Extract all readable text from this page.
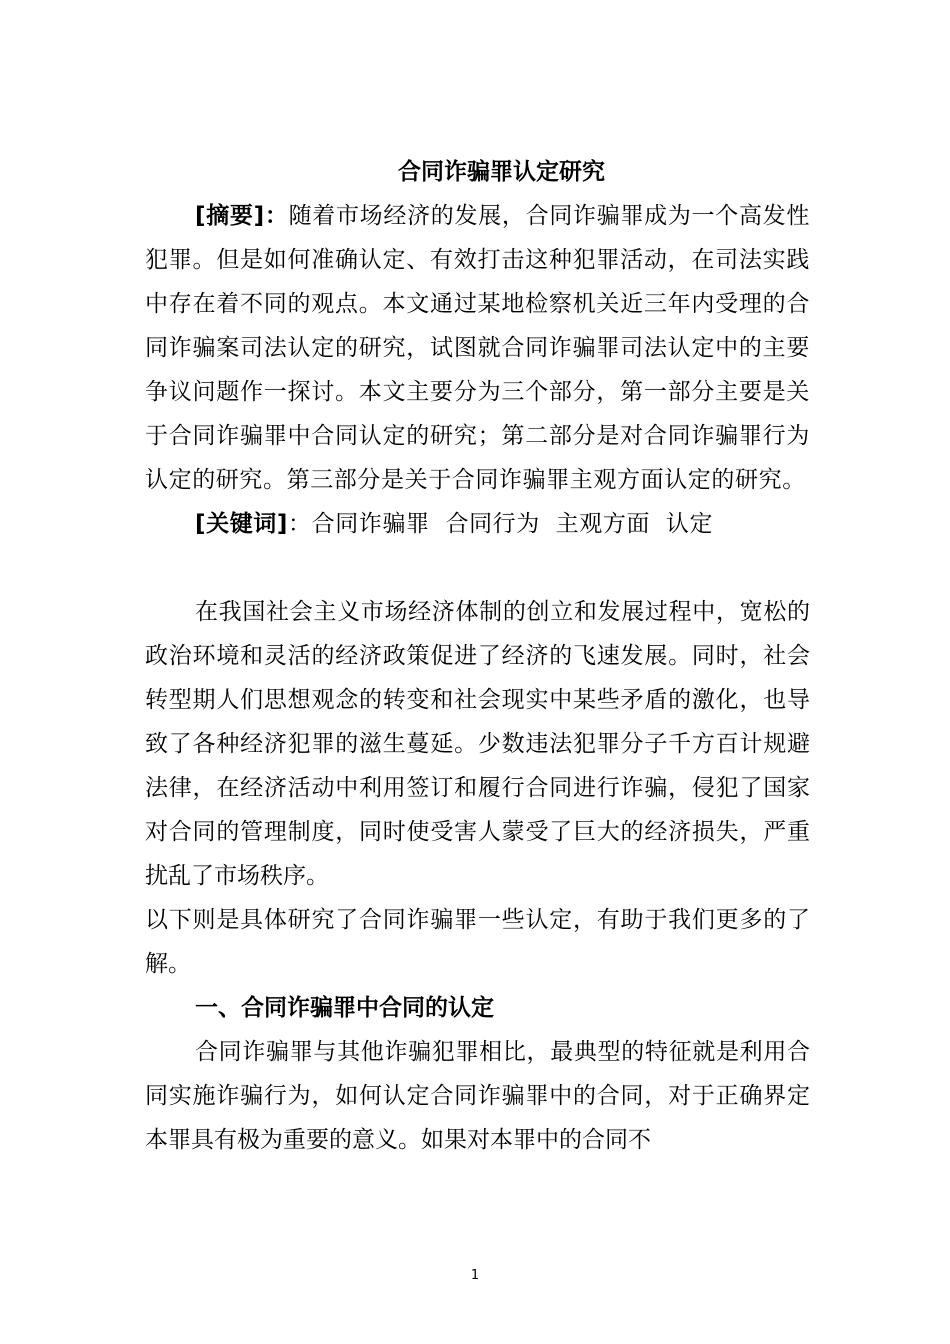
合同诈骗罪认定研究

[摘要]：随着市场经济的发展，合同诈骗罪成为一个高发性犯罪。但是如何准确认定、有效打击这种犯罪活动，在司法实践中存在着不同的观点。本文通过某地检察机关近三年内受理的合同诈骗案司法认定的研究，试图就合同诈骗罪司法认定中的主要争议问题作一探讨。本文主要分为三个部分，第一部分主要是关于合同诈骗罪中合同认定的研究；第二部分是对合同诈骗罪行为认定的研究。第三部分是关于合同诈骗罪主观方面认定的研究。

[关键词]：合同诈骗罪  合同行为  主观方面  认定

在我国社会主义市场经济体制的创立和发展过程中，宽松的政治环境和灵活的经济政策促进了经济的飞速发展。同时，社会转型期人们思想观念的转变和社会现实中某些矛盾的激化，也导致了各种经济犯罪的滋生蔓延。少数违法犯罪分子千方百计规避法律，在经济活动中利用签订和履行合同进行诈骗，侵犯了国家对合同的管理制度，同时使受害人蒙受了巨大的经济损失，严重扰乱了市场秩序。

以下则是具体研究了合同诈骗罪一些认定，有助于我们更多的了解。

一、合同诈骗罪中合同的认定

合同诈骗罪与其他诈骗犯罪相比，最典型的特征就是利用合同实施诈骗行为，如何认定合同诈骗罪中的合同，对于正确界定本罪具有极为重要的意义。如果对本罪中的合同不

1
